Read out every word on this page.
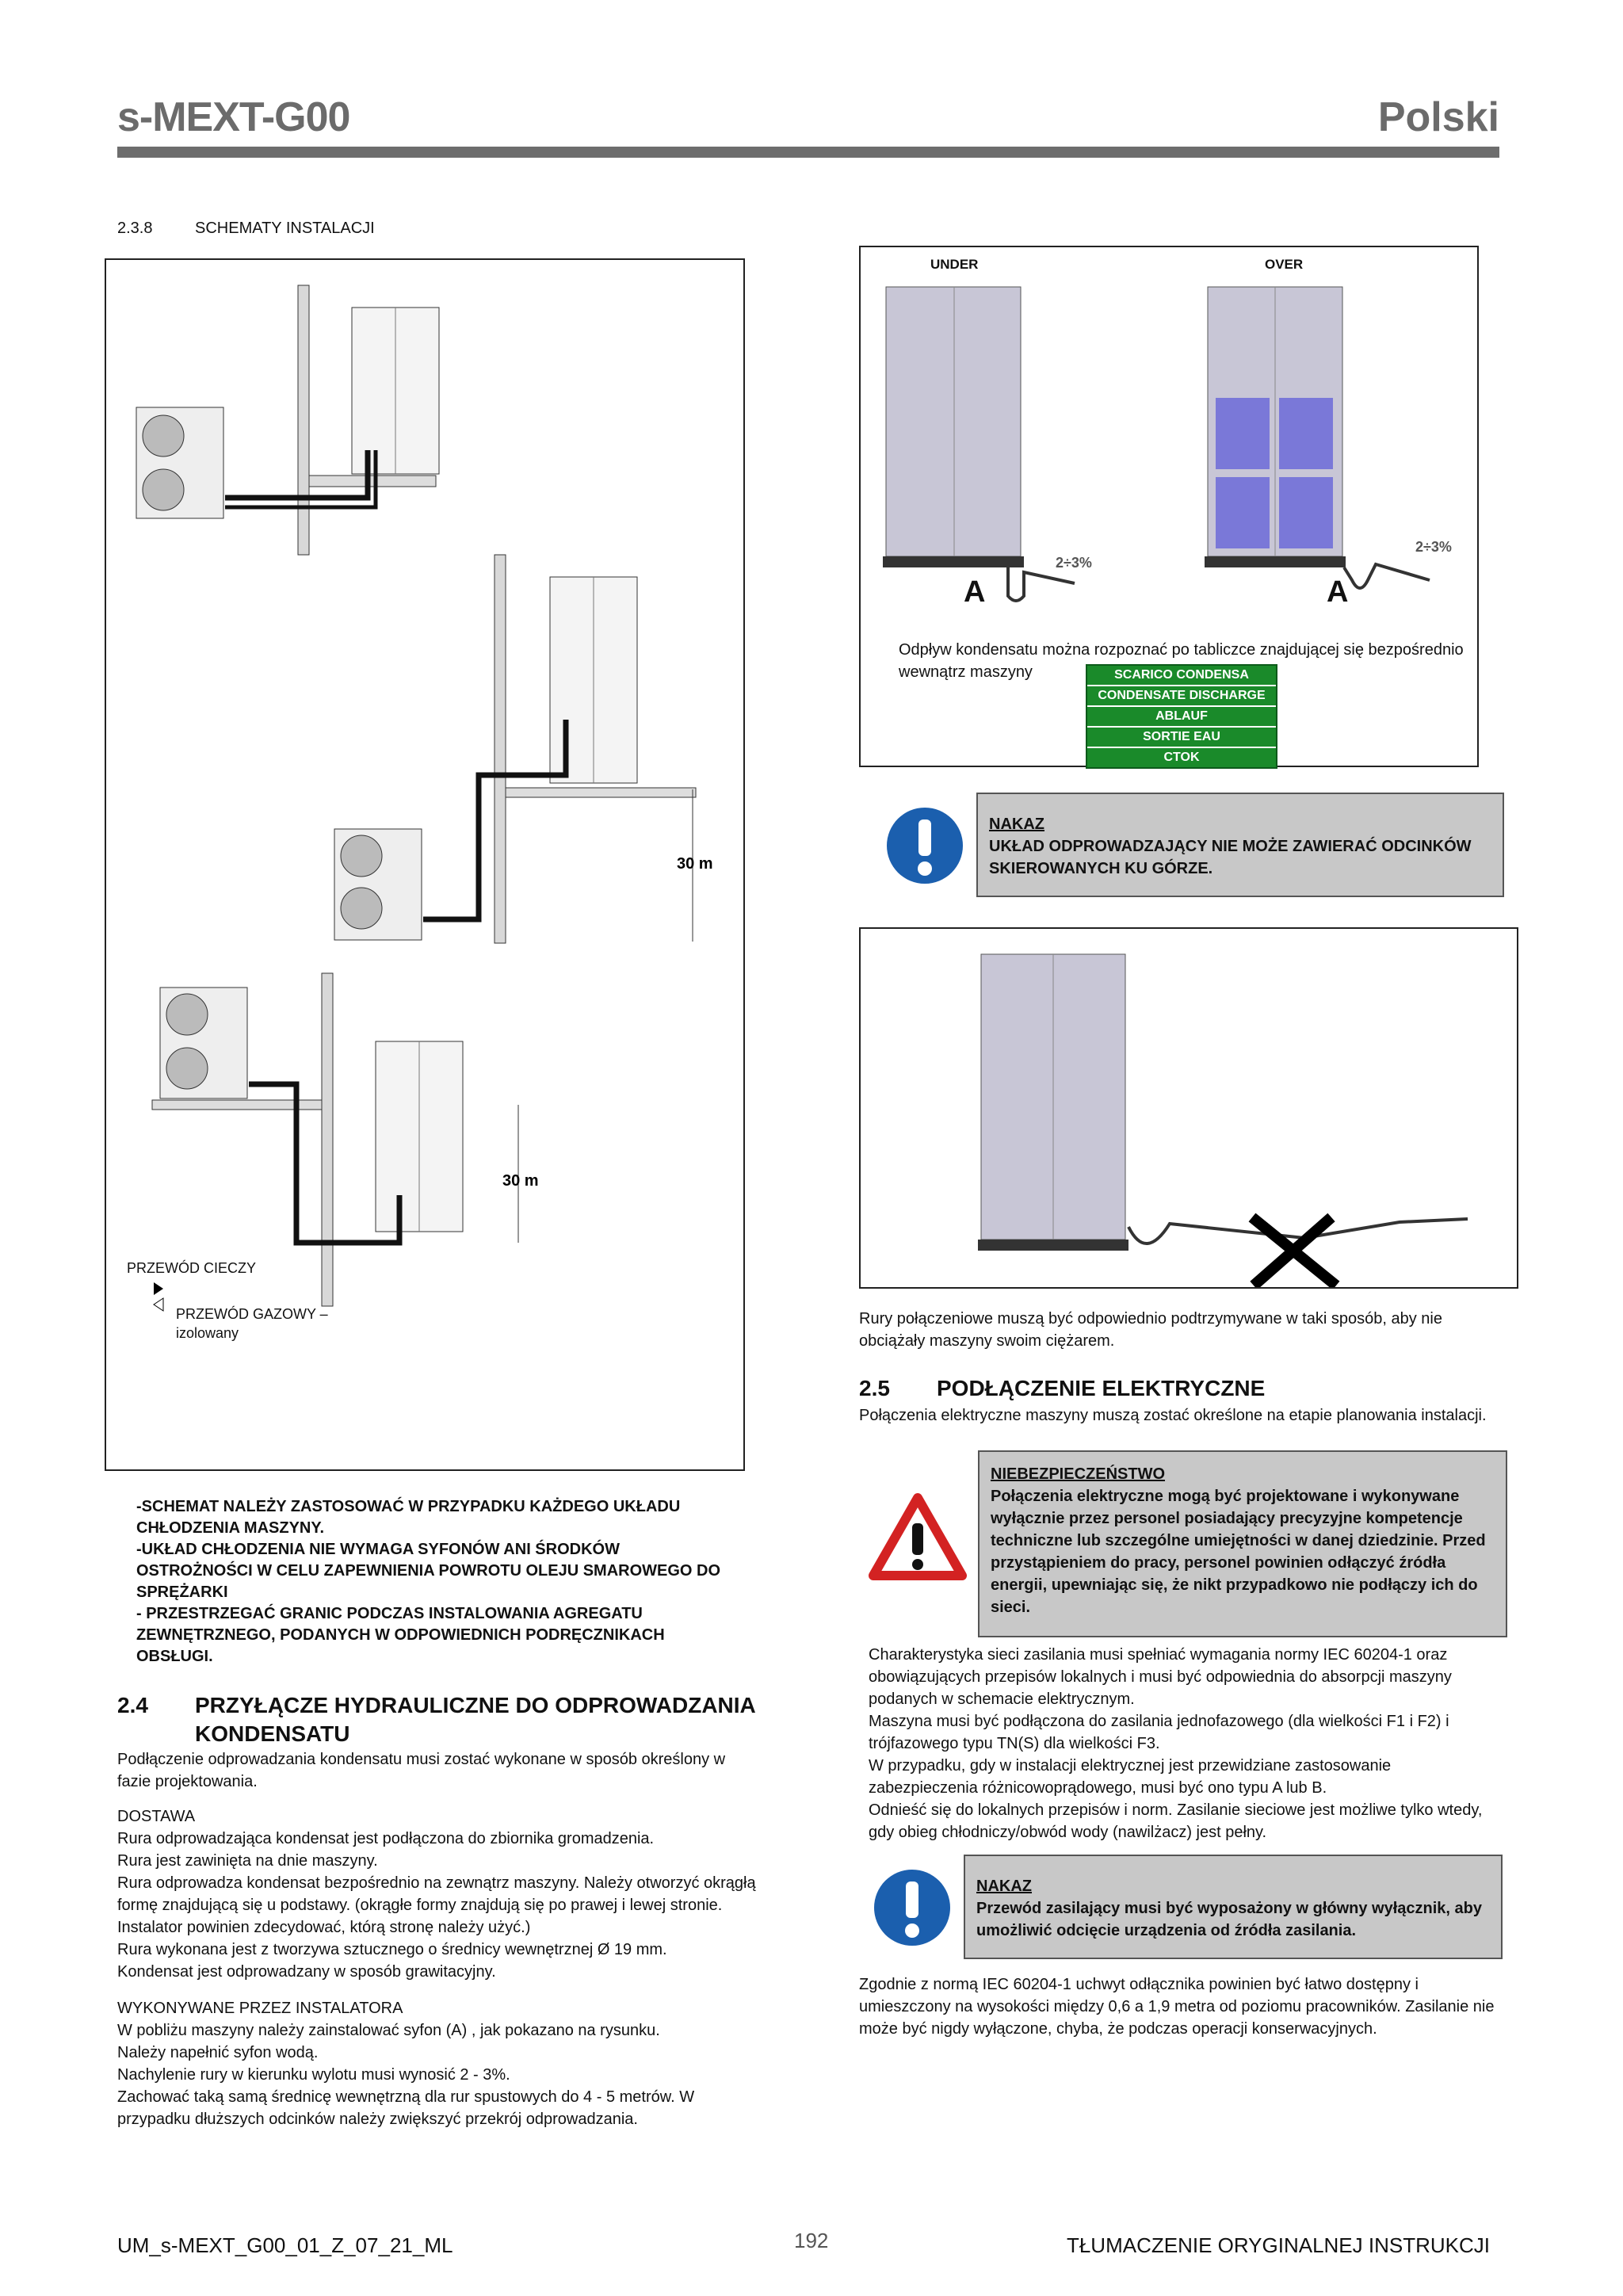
s-MEXT-G00	Polski
2.3.8	SCHEMATY INSTALACJI
30 m
30 m
PRZEWÓD CIECZY
PRZEWÓD GAZOWY – izolowany
-SCHEMAT NALEŻY ZASTOSOWAĆ W PRZYPADKU KAŻDEGO UKŁADU CHŁODZENIA MASZYNY.
-UKŁAD CHŁODZENIA NIE WYMAGA SYFONÓW ANI ŚRODKÓW OSTROŻNOŚCI W CELU ZAPEWNIENIA POWROTU OLEJU SMAROWEGO DO SPRĘŻARKI
- PRZESTRZEGAĆ GRANIC PODCZAS INSTALOWANIA AGREGATU ZEWNĘTRZNEGO, PODANYCH W ODPOWIEDNICH PODRĘCZNIKACH OBSŁUGI.
2.4 PRZYŁĄCZE HYDRAULICZNE DO ODPROWADZANIA KONDENSATU
Podłączenie odprowadzania kondensatu musi zostać wykonane w sposób określony w fazie projektowania.
DOSTAWA
Rura odprowadzająca kondensat jest podłączona do zbiornika gromadzenia.
Rura jest zawinięta na dnie maszyny.
Rura odprowadza kondensat bezpośrednio na zewnątrz maszyny. Należy otworzyć okrągłą formę znajdującą się u podstawy. (okrągłe formy znajdują się po prawej i lewej stronie.
Instalator powinien zdecydować, którą stronę należy użyć.)
Rura wykonana jest z tworzywa sztucznego o średnicy wewnętrznej Ø 19 mm.
Kondensat jest odprowadzany w sposób grawitacyjny.
WYKONYWANE PRZEZ INSTALATORA
W pobliżu maszyny należy zainstalować syfon (A) , jak pokazano na rysunku.
Należy napełnić syfon wodą.
Nachylenie rury w kierunku wylotu musi wynosić 2 - 3%.
Zachować taką samą średnicę wewnętrzną dla rur spustowych do 4 - 5 metrów. W przypadku dłuższych odcinków należy zwiększyć przekrój odprowadzania.
UNDER	OVER
2÷3%
2÷3%
A	A
Odpływ kondensatu można rozpoznać po tabliczce znajdującej się bezpośrednio wewnątrz maszyny	SCARICO CONDENSA
CONDENSATE DISCHARGE
ABLAUF
SORTIE EAU
CTOK
NAKAZ
UKŁAD ODPROWADZAJĄCY NIE MOŻE ZAWIERAĆ ODCINKÓW SKIEROWANYCH KU GÓRZE.
Rury połączeniowe muszą być odpowiednio podtrzymywane w taki sposób, aby nie obciążały maszyny swoim ciężarem.
2.5 PODŁĄCZENIE ELEKTRYCZNE
Połączenia elektryczne maszyny muszą zostać określone na etapie planowania instalacji.
NIEBEZPIECZEŃSTWO
Połączenia elektryczne mogą być projektowane i wykonywane wyłącznie przez personel posiadający precyzyjne kompetencje techniczne lub szczególne umiejętności w danej dziedzinie. Przed przystąpieniem do pracy, personel powinien odłączyć źródła energii, upewniając się, że nikt przypadkowo nie podłączy ich do sieci.
Charakterystyka sieci zasilania musi spełniać wymagania normy IEC 60204-1 oraz obowiązujących przepisów lokalnych i musi być odpowiednia do absorpcji maszyny podanych w schemacie elektrycznym.
Maszyna musi być podłączona do zasilania jednofazowego (dla wielkości F1 i F2) i trójfazowego typu TN(S) dla wielkości F3.
W przypadku, gdy w instalacji elektrycznej jest przewidziane zastosowanie zabezpieczenia różnicowoprądowego, musi być ono typu A lub B.
Odnieść się do lokalnych przepisów i norm. Zasilanie sieciowe jest możliwe tylko wtedy, gdy obieg chłodniczy/obwód wody (nawilżacz) jest pełny.
NAKAZ
Przewód zasilający musi być wyposażony w główny wyłącznik, aby umożliwić odcięcie urządzenia od źródła zasilania.
Zgodnie z normą IEC 60204-1 uchwyt odłącznika powinien być łatwo dostępny i umieszczony na wysokości między 0,6 a 1,9 metra od poziomu pracowników. Zasilanie nie może być nigdy wyłączone, chyba, że podczas operacji konserwacyjnych.
UM_s-MEXT_G00_01_Z_07_21_ML	192	TŁUMACZENIE ORYGINALNEJ INSTRUKCJI
